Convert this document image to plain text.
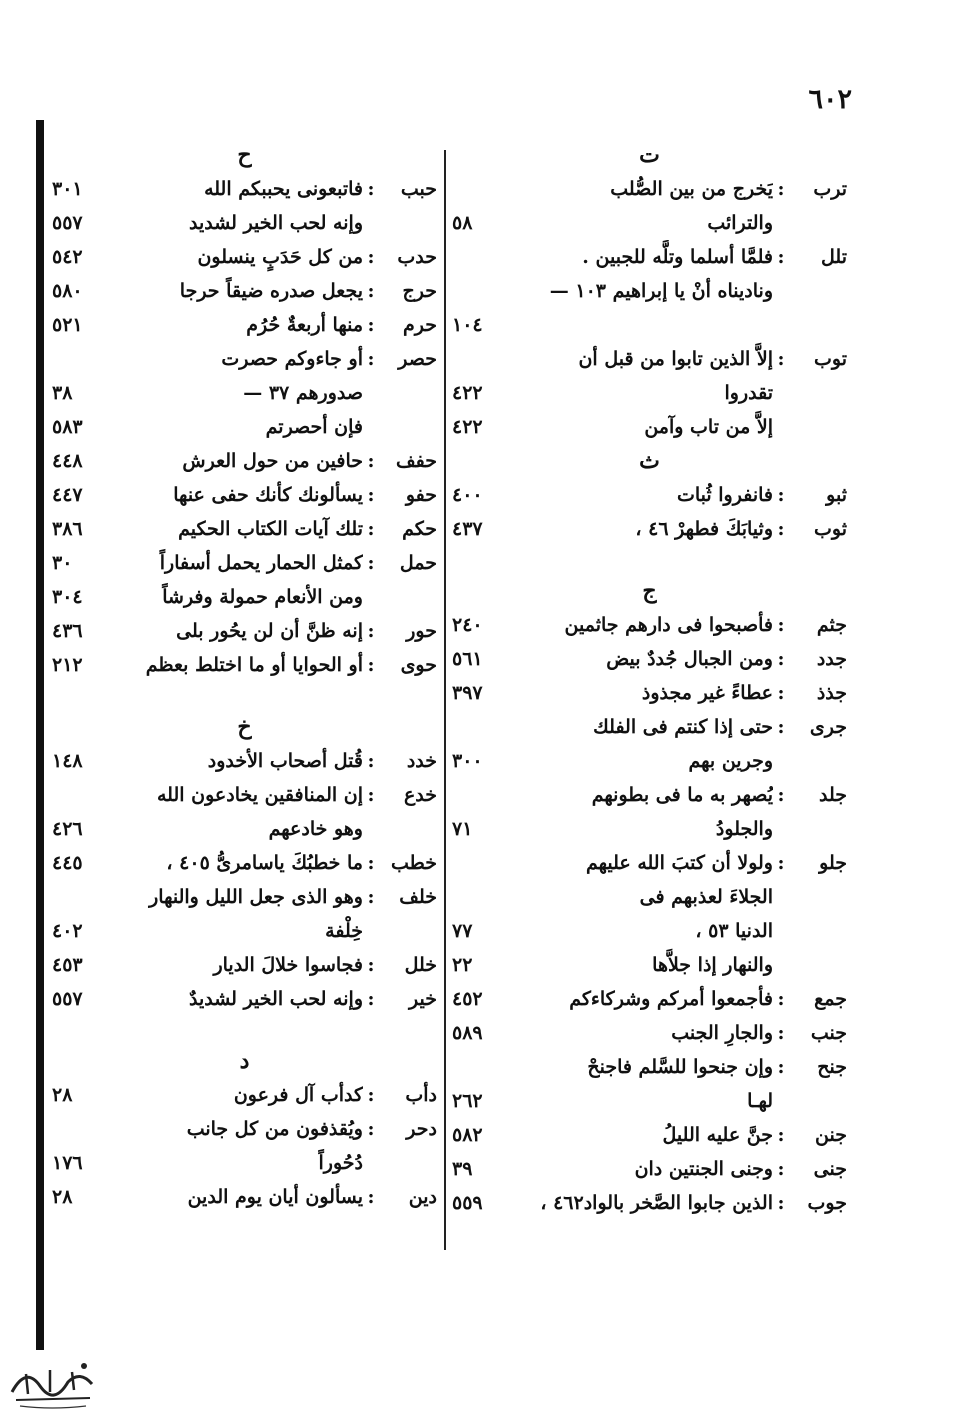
٦٠٢
ت
ترب
:
يَخرج من بين الصُّلب
والترائب
٥٨
تلل
:
فلمَّا أسلما وتلَّه للجبين .
وناديناه أنْ يا إبراهيم ١٠٣ —
١٠٤
توب
:
إلاَّ الذين تابوا من قبل أن
تقدروا
٤٢٢
إلاَّ من تاب وآمن
٤٢٢
ث
ثبو
:
فانفروا ثُبات
٤٠٠
ثوب
:
وثيابَكَ فطهرْ ٤٦ ،
٤٣٧
ج
جثم
:
فأصبحوا فى دارهم جاثمين
٢٤٠
جدد
:
ومن الجبال جُددٌ بيض
٥٦١
جذذ
:
عطاءً غير مجذوذ
٣٩٧
جرى
:
حتى إذا كنتم فى الفلك
وجرين بهم
٣٠٠
جلد
:
يُصهر به ما فى بطونهم
والجلودُ
٧١
جلو
:
ولولا أن كتبَ الله عليهم
الجلاءَ لعذبهم فى
الدنيا ٥٣ ،
٧٧
والنهار إذا جلاَّها
٢٢
جمع
:
فأجمعوا أمركم وشركاءكم
٤٥٢
جنب
:
والجارِ الجنب
٥٨٩
جنح
:
وإن جنحوا للسَّلم فاجنحْ
لهـا
٢٦٢
جنن
:
جنَّ عليه الليلُ
٥٨٢
جنى
:
وجنى الجنتين دان
٣٩
جوب
:
الذين جابوا الصَّخر بالواد٤٦٢ ،
٥٥٩
ح
حبب
:
فاتبعونى يحببكم الله
٣٠١
وإنه لحب الخير لشديد
٥٥٧
حدب
:
من كل حَدَبٍ ينسلون
٥٤٢
حرج
:
يجعل صدره ضيقاً حرجا
٥٨٠
حرم
:
منها أربعةٌ حُرُم
٥٢١
حصر
:
أو جاءوكم حصرت
صدورهم ٣٧ —
٣٨
فإن أحصرتم
٥٨٣
حفف
:
حافين من حول العرش
٤٤٨
حفو
:
يسألونك كأنك حفى عنها
٤٤٧
حكم
:
تلك آيات الكتاب الحكيم
٣٨٦
حمل
:
كمثل الحمار يحمل أسفاراً
٣٠
ومن الأنعام حمولة وفرشاً
٣٠٤
حور
:
إنه ظنَّ أن لن يحُور بلى
٤٣٦
حوى
:
أو الحوايا أو ما اختلط بعظم
٢١٢
خ
خدد
:
قُتل أصحاب الأخدود
١٤٨
خدع
:
إن المنافقين يخادعون الله
وهو خادعهم
٤٢٦
خطب
:
ما خطبُكَ ياسامرىُّ ٤٠٥ ،
٤٤٥
خلف
:
وهو الذى جعل الليل والنهار
خِلْفة
٤٠٢
خلل
:
فجاسوا خلالَ الديار
٤٥٣
خير
:
وإنه لحب الخير لشديدٌ
٥٥٧
د
دأب
:
كدأب آل فرعون
٢٨
دحر
:
ويُقذفون من كل جانب
دُحُوراً
١٧٦
دين
:
يسألون أيان يوم الدين
٢٨
